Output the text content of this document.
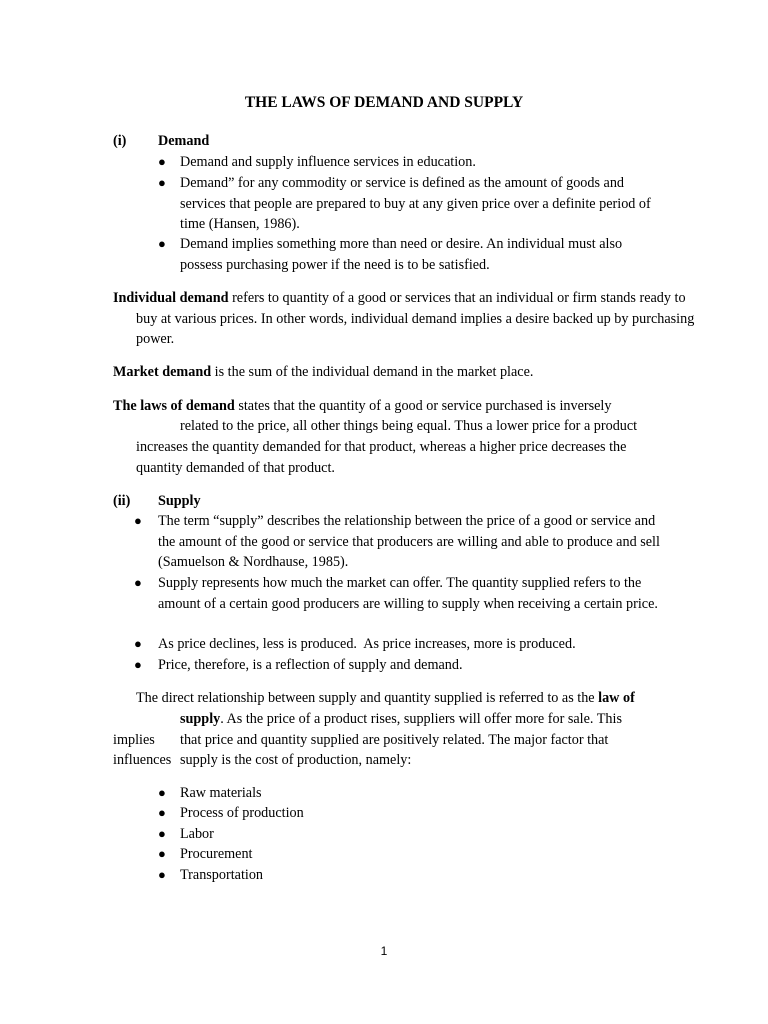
THE LAWS OF DEMAND AND SUPPLY
(i) Demand
● Demand and supply influence services in education.
● Demand” for any commodity or service is defined as the amount of goods and services that people are prepared to buy at any given price over a definite period of time (Hansen, 1986).
● Demand implies something more than need or desire. An individual must also possess purchasing power if the need is to be satisfied.
Individual demand refers to quantity of a good or services that an individual or firm stands ready to buy at various prices. In other words, individual demand implies a desire backed up by purchasing power.
Market demand is the sum of the individual demand in the market place.
The laws of demand states that the quantity of a good or service purchased is inversely
related to the price, all other things being equal. Thus a lower price for a product
increases the quantity demanded for that product, whereas a higher price decreases the quantity demanded of that product.
(ii) Supply
● The term “supply” describes the relationship between the price of a good or service and the amount of the good or service that producers are willing and able to produce and sell (Samuelson & Nordhause, 1985).
● Supply represents how much the market can offer. The quantity supplied refers to the amount of a certain good producers are willing to supply when receiving a certain price.
● As price declines, less is produced.  As price increases, more is produced.
● Price, therefore, is a reflection of supply and demand.
The direct relationship between supply and quantity supplied is referred to as the law of
supply. As the price of a product rises, suppliers will offer more for sale. This
implies that price and quantity supplied are positively related. The major factor that
influences supply is the cost of production, namely:
● Raw materials
● Process of production
● Labor
● Procurement
● Transportation
1
